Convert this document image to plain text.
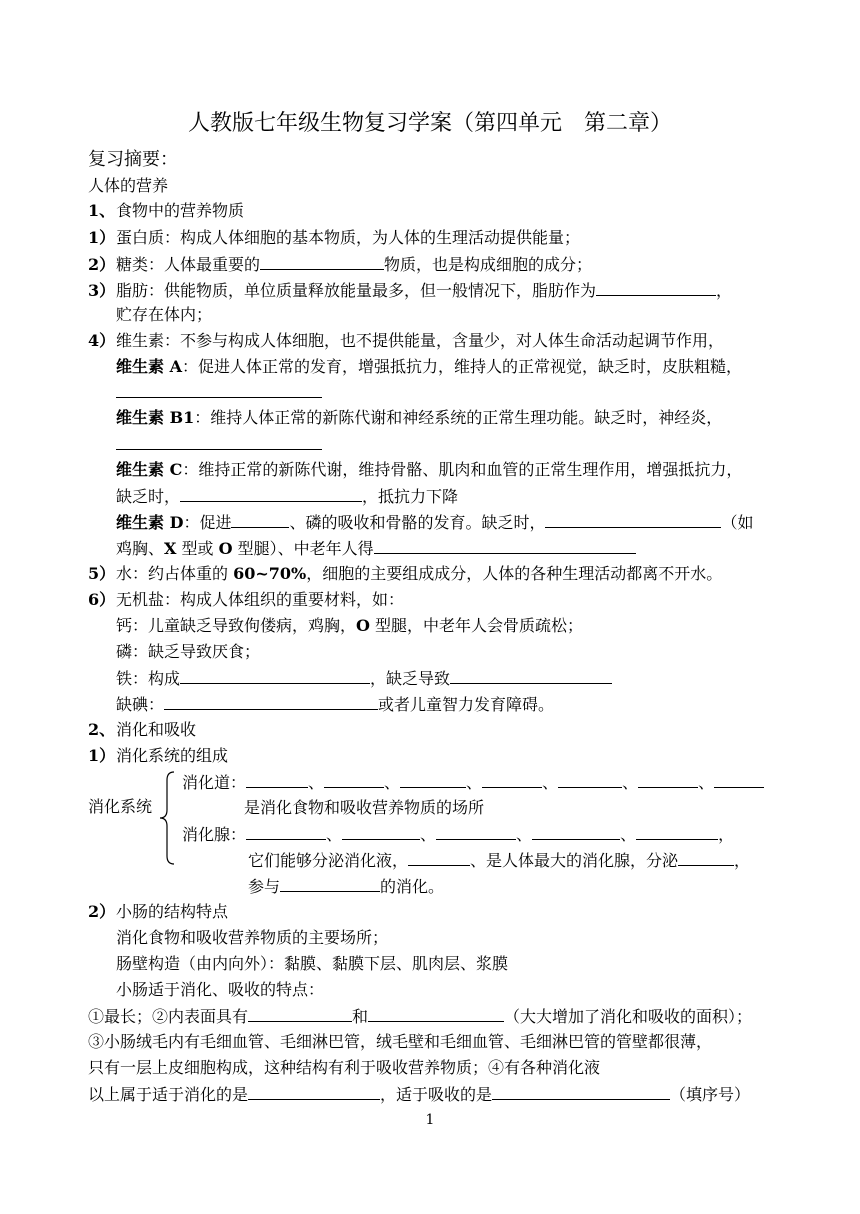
人教版七年级生物复习学案（第四单元　第二章）
复习摘要：
人体的营养
1、食物中的营养物质
1）蛋白质：构成人体细胞的基本物质，为人体的生理活动提供能量；
2）糖类：人体最重要的	物质，也是构成细胞的成分；
3）脂肪：供能物质，单位质量释放能量最多，但一般情况下，脂肪作为	，
贮存在体内；
4）维生素：不参与构成人体细胞，也不提供能量，含量少，对人体生命活动起调节作用，
维生素 A：促进人体正常的发育，增强抵抗力，维持人的正常视觉，缺乏时，皮肤粗糙，
维生素 B1：维持人体正常的新陈代谢和神经系统的正常生理功能。缺乏时，神经炎，
维生素 C：维持正常的新陈代谢，维持骨骼、肌肉和血管的正常生理作用，增强抵抗力，
缺乏时，	，抵抗力下降
维生素 D：促进	、磷的吸收和骨骼的发育。缺乏时，	（如
鸡胸、X 型或 O 型腿）、中老年人得
5）水：约占体重的 60~70%，细胞的主要组成成分，人体的各种生理活动都离不开水。
6）无机盐：构成人体组织的重要材料，如：
钙：儿童缺乏导致佝偻病，鸡胸，O 型腿，中老年人会骨质疏松；
磷：缺乏导致厌食；
铁：构成	，缺乏导致
缺碘：	或者儿童智力发育障碍。
2、消化和吸收
1）消化系统的组成
消化系统
消化道：	、	、	、	、	、	、
是消化食物和吸收营养物质的场所
消化腺：	、	、	、	、	，
它们能够分泌消化液，	、是人体最大的消化腺，分泌	，
参与	的消化。
2）小肠的结构特点
消化食物和吸收营养物质的主要场所；
肠壁构造（由内向外）：黏膜、黏膜下层、肌肉层、浆膜
小肠适于消化、吸收的特点：
①最长；②内表面具有	和	（大大增加了消化和吸收的面积）；
③小肠绒毛内有毛细血管、毛细淋巴管，绒毛壁和毛细血管、毛细淋巴管的管壁都很薄，
只有一层上皮细胞构成，这种结构有利于吸收营养物质；④有各种消化液
以上属于适于消化的是	，适于吸收的是	（填序号）
1
